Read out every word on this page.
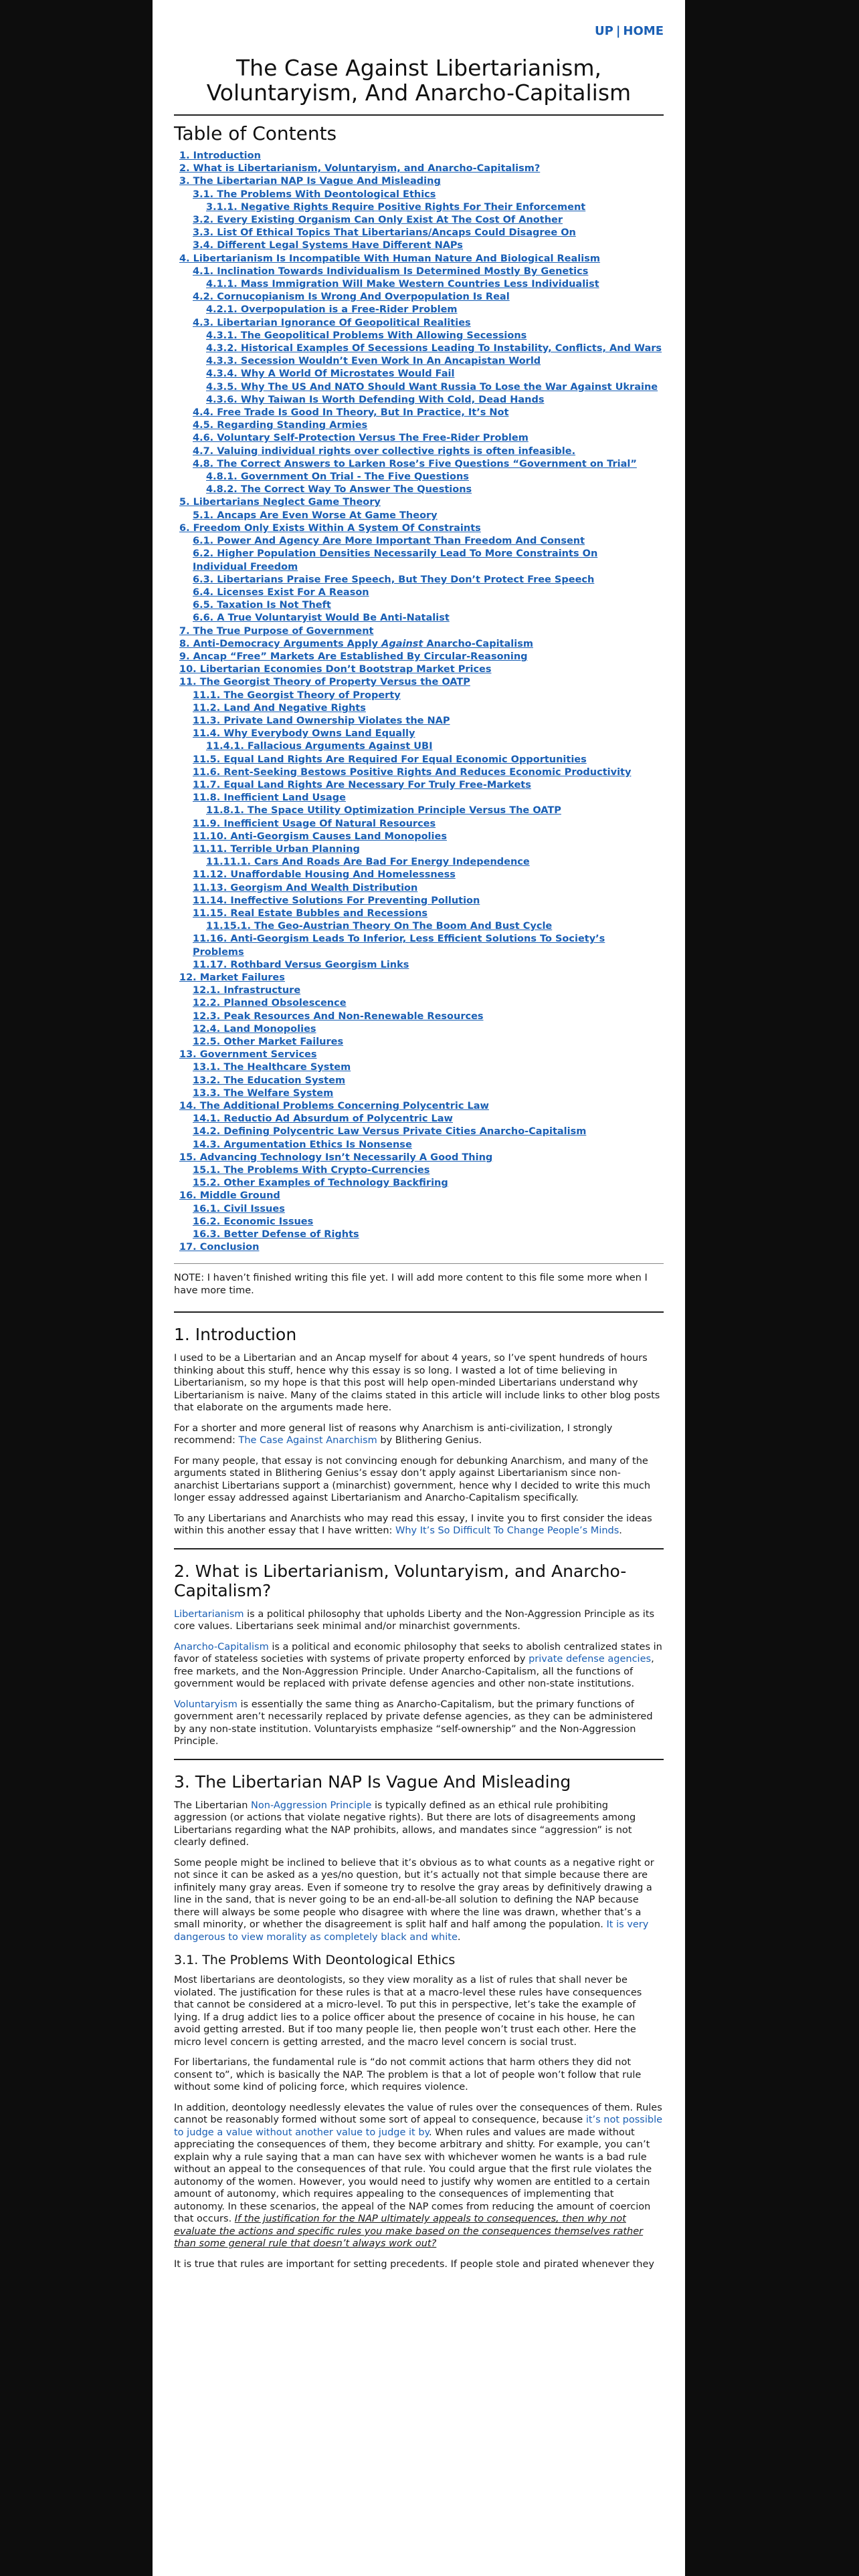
UP | HOME
The Case Against Libertarianism, Voluntaryism, And Anarcho-Capitalism
Table of Contents
1. Introduction
2. What is Libertarianism, Voluntaryism, and Anarcho-Capitalism?
3. The Libertarian NAP Is Vague And Misleading
3.1. The Problems With Deontological Ethics
3.1.1. Negative Rights Require Positive Rights For Their Enforcement
3.2. Every Existing Organism Can Only Exist At The Cost Of Another
3.3. List Of Ethical Topics That Libertarians/Ancaps Could Disagree On
3.4. Different Legal Systems Have Different NAPs
4. Libertarianism Is Incompatible With Human Nature And Biological Realism
4.1. Inclination Towards Individualism Is Determined Mostly By Genetics
4.1.1. Mass Immigration Will Make Western Countries Less Individualist
4.2. Cornucopianism Is Wrong And Overpopulation Is Real
4.2.1. Overpopulation is a Free-Rider Problem
4.3. Libertarian Ignorance Of Geopolitical Realities
4.3.1. The Geopolitical Problems With Allowing Secessions
4.3.2. Historical Examples Of Secessions Leading To Instability, Conflicts, And Wars
4.3.3. Secession Wouldn’t Even Work In An Ancapistan World
4.3.4. Why A World Of Microstates Would Fail
4.3.5. Why The US And NATO Should Want Russia To Lose the War Against Ukraine
4.3.6. Why Taiwan Is Worth Defending With Cold, Dead Hands
4.4. Free Trade Is Good In Theory, But In Practice, It’s Not
4.5. Regarding Standing Armies
4.6. Voluntary Self-Protection Versus The Free-Rider Problem
4.7. Valuing individual rights over collective rights is often infeasible.
4.8. The Correct Answers to Larken Rose’s Five Questions “Government on Trial”
4.8.1. Government On Trial - The Five Questions
4.8.2. The Correct Way To Answer The Questions
5. Libertarians Neglect Game Theory
5.1. Ancaps Are Even Worse At Game Theory
6. Freedom Only Exists Within A System Of Constraints
6.1. Power And Agency Are More Important Than Freedom And Consent
6.2. Higher Population Densities Necessarily Lead To More Constraints On Individual Freedom
6.3. Libertarians Praise Free Speech, But They Don’t Protect Free Speech
6.4. Licenses Exist For A Reason
6.5. Taxation Is Not Theft
6.6. A True Voluntaryist Would Be Anti-Natalist
7. The True Purpose of Government
8. Anti-Democracy Arguments Apply Against Anarcho-Capitalism
9. Ancap “Free” Markets Are Established By Circular-Reasoning
10. Libertarian Economies Don’t Bootstrap Market Prices
11. The Georgist Theory of Property Versus the OATP
11.1. The Georgist Theory of Property
11.2. Land And Negative Rights
11.3. Private Land Ownership Violates the NAP
11.4. Why Everybody Owns Land Equally
11.4.1. Fallacious Arguments Against UBI
11.5. Equal Land Rights Are Required For Equal Economic Opportunities
11.6. Rent-Seeking Bestows Positive Rights And Reduces Economic Productivity
11.7. Equal Land Rights Are Necessary For Truly Free-Markets
11.8. Inefficient Land Usage
11.8.1. The Space Utility Optimization Principle Versus The OATP
11.9. Inefficient Usage Of Natural Resources
11.10. Anti-Georgism Causes Land Monopolies
11.11. Terrible Urban Planning
11.11.1. Cars And Roads Are Bad For Energy Independence
11.12. Unaffordable Housing And Homelessness
11.13. Georgism And Wealth Distribution
11.14. Ineffective Solutions For Preventing Pollution
11.15. Real Estate Bubbles and Recessions
11.15.1. The Geo-Austrian Theory On The Boom And Bust Cycle
11.16. Anti-Georgism Leads To Inferior, Less Efficient Solutions To Society’s Problems
11.17. Rothbard Versus Georgism Links
12. Market Failures
12.1. Infrastructure
12.2. Planned Obsolescence
12.3. Peak Resources And Non-Renewable Resources
12.4. Land Monopolies
12.5. Other Market Failures
13. Government Services
13.1. The Healthcare System
13.2. The Education System
13.3. The Welfare System
14. The Additional Problems Concerning Polycentric Law
14.1. Reductio Ad Absurdum of Polycentric Law
14.2. Defining Polycentric Law Versus Private Cities Anarcho-Capitalism
14.3. Argumentation Ethics Is Nonsense
15. Advancing Technology Isn’t Necessarily A Good Thing
15.1. The Problems With Crypto-Currencies
15.2. Other Examples of Technology Backfiring
16. Middle Ground
16.1. Civil Issues
16.2. Economic Issues
16.3. Better Defense of Rights
17. Conclusion

NOTE: I haven’t finished writing this file yet. I will add more content to this file some more when I have more time.

1. Introduction

I used to be a Libertarian and an Ancap myself for about 4 years, so I’ve spent hundreds of hours thinking about this stuff, hence why this essay is so long. I wasted a lot of time believing in Libertarianism, so my hope is that this post will help open-minded Libertarians understand why Libertarianism is naive. Many of the claims stated in this article will include links to other blog posts that elaborate on the arguments made here.

For a shorter and more general list of reasons why Anarchism is anti-civilization, I strongly recommend: The Case Against Anarchism by Blithering Genius.

For many people, that essay is not convincing enough for debunking Anarchism, and many of the arguments stated in Blithering Genius’s essay don’t apply against Libertarianism since non-anarchist Libertarians support a (minarchist) government, hence why I decided to write this much longer essay addressed against Libertarianism and Anarcho-Capitalism specifically.

To any Libertarians and Anarchists who may read this essay, I invite you to first consider the ideas within this another essay that I have written: Why It’s So Difficult To Change People’s Minds.

2. What is Libertarianism, Voluntaryism, and Anarcho-Capitalism?

Libertarianism is a political philosophy that upholds Liberty and the Non-Aggression Principle as its core values. Libertarians seek minimal and/or minarchist governments.

Anarcho-Capitalism is a political and economic philosophy that seeks to abolish centralized states in favor of stateless societies with systems of private property enforced by private defense agencies, free markets, and the Non-Aggression Principle. Under Anarcho-Capitalism, all the functions of government would be replaced with private defense agencies and other non-state institutions.

Voluntaryism is essentially the same thing as Anarcho-Capitalism, but the primary functions of government aren’t necessarily replaced by private defense agencies, as they can be administered by any non-state institution. Voluntaryists emphasize “self-ownership” and the Non-Aggression Principle.

3. The Libertarian NAP Is Vague And Misleading

The Libertarian Non-Aggression Principle is typically defined as an ethical rule prohibiting aggression (or actions that violate negative rights). But there are lots of disagreements among Libertarians regarding what the NAP prohibits, allows, and mandates since “aggression” is not clearly defined.

Some people might be inclined to believe that it’s obvious as to what counts as a negative right or not since it can be asked as a yes/no question, but it’s actually not that simple because there are infinitely many gray areas. Even if someone try to resolve the gray areas by definitively drawing a line in the sand, that is never going to be an end-all-be-all solution to defining the NAP because there will always be some people who disagree with where the line was drawn, whether that’s a small minority, or whether the disagreement is split half and half among the population. It is very dangerous to view morality as completely black and white.

3.1. The Problems With Deontological Ethics

Most libertarians are deontologists, so they view morality as a list of rules that shall never be violated. The justification for these rules is that at a macro-level these rules have consequences that cannot be considered at a micro-level. To put this in perspective, let’s take the example of lying. If a drug addict lies to a police officer about the presence of cocaine in his house, he can avoid getting arrested. But if too many people lie, then people won’t trust each other. Here the micro level concern is getting arrested, and the macro level concern is social trust.

For libertarians, the fundamental rule is “do not commit actions that harm others they did not consent to”, which is basically the NAP. The problem is that a lot of people won’t follow that rule without some kind of policing force, which requires violence.

In addition, deontology needlessly elevates the value of rules over the consequences of them. Rules cannot be reasonably formed without some sort of appeal to consequence, because it’s not possible to judge a value without another value to judge it by. When rules and values are made without appreciating the consequences of them, they become arbitrary and shitty. For example, you can’t explain why a rule saying that a man can have sex with whichever women he wants is a bad rule without an appeal to the consequences of that rule. You could argue that the first rule violates the autonomy of the women. However, you would need to justify why women are entitled to a certain amount of autonomy, which requires appealing to the consequences of implementing that autonomy. In these scenarios, the appeal of the NAP comes from reducing the amount of coercion that occurs. If the justification for the NAP ultimately appeals to consequences, then why not evaluate the actions and specific rules you make based on the consequences themselves rather than some general rule that doesn’t always work out?

It is true that rules are important for setting precedents. If people stole and pirated whenever they
